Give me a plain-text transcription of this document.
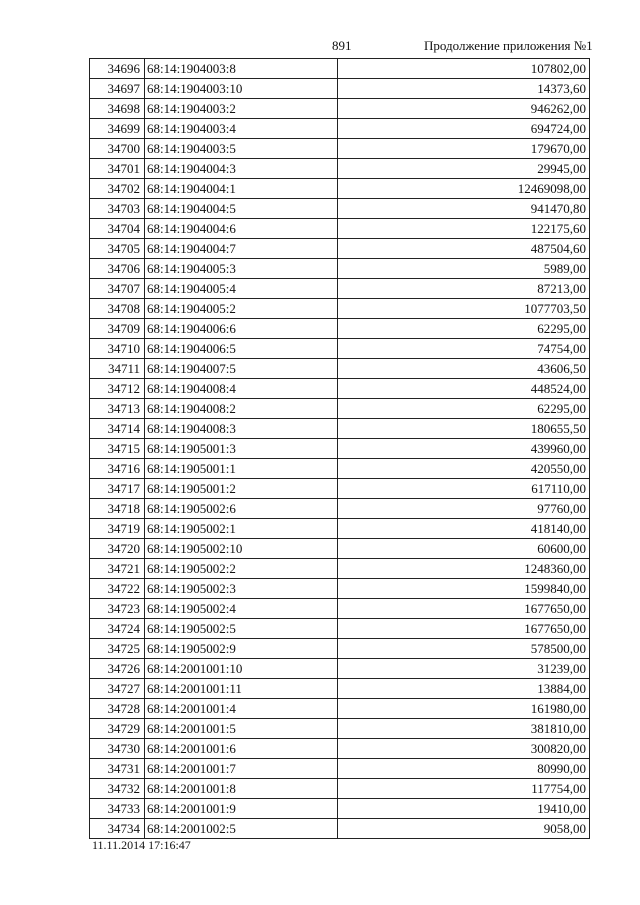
891	Продолжение приложения №1
34696	68:14:1904003:8	107802,00
34697	68:14:1904003:10	14373,60
34698	68:14:1904003:2	946262,00
34699	68:14:1904003:4	694724,00
34700	68:14:1904003:5	179670,00
34701	68:14:1904004:3	29945,00
34702	68:14:1904004:1	12469098,00
34703	68:14:1904004:5	941470,80
34704	68:14:1904004:6	122175,60
34705	68:14:1904004:7	487504,60
34706	68:14:1904005:3	5989,00
34707	68:14:1904005:4	87213,00
34708	68:14:1904005:2	1077703,50
34709	68:14:1904006:6	62295,00
34710	68:14:1904006:5	74754,00
34711	68:14:1904007:5	43606,50
34712	68:14:1904008:4	448524,00
34713	68:14:1904008:2	62295,00
34714	68:14:1904008:3	180655,50
34715	68:14:1905001:3	439960,00
34716	68:14:1905001:1	420550,00
34717	68:14:1905001:2	617110,00
34718	68:14:1905002:6	97760,00
34719	68:14:1905002:1	418140,00
34720	68:14:1905002:10	60600,00
34721	68:14:1905002:2	1248360,00
34722	68:14:1905002:3	1599840,00
34723	68:14:1905002:4	1677650,00
34724	68:14:1905002:5	1677650,00
34725	68:14:1905002:9	578500,00
34726	68:14:2001001:10	31239,00
34727	68:14:2001001:11	13884,00
34728	68:14:2001001:4	161980,00
34729	68:14:2001001:5	381810,00
34730	68:14:2001001:6	300820,00
34731	68:14:2001001:7	80990,00
34732	68:14:2001001:8	117754,00
34733	68:14:2001001:9	19410,00
34734	68:14:2001002:5	9058,00
11.11.2014 17:16:47
